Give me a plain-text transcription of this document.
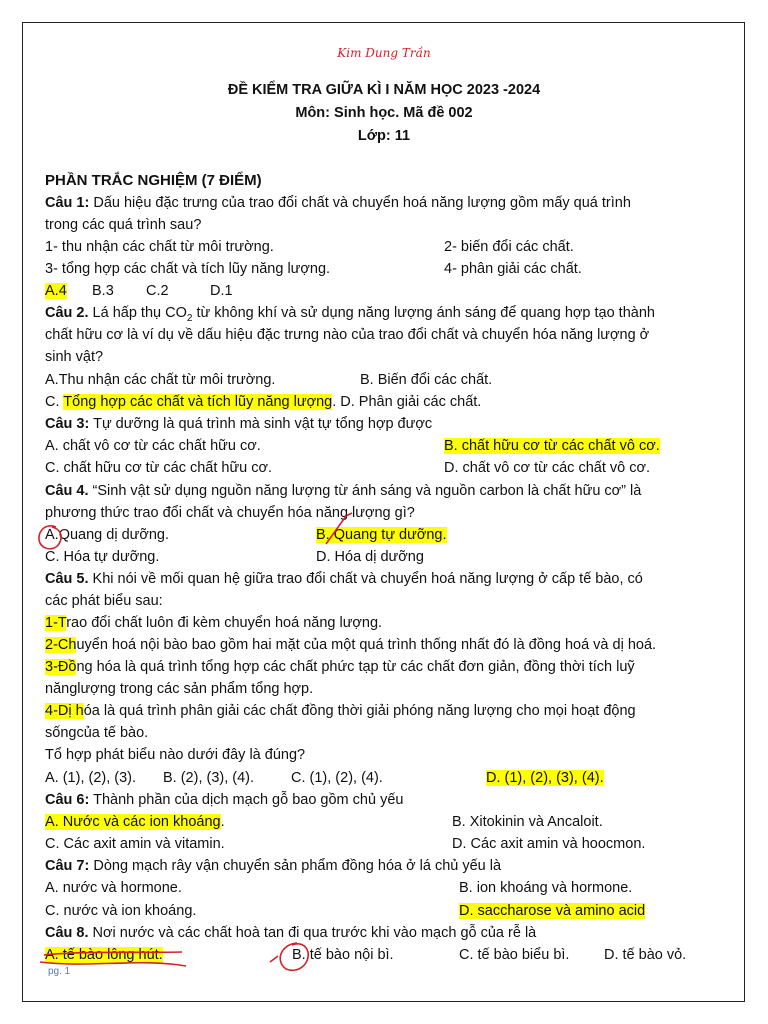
Kim Dung Trần
ĐỀ KIỂM TRA GIỮA KÌ I NĂM HỌC 2023 -2024
Môn: Sinh học. Mã đề 002
Lớp: 11
PHẦN TRẮC NGHIỆM (7 ĐIỂM)
Câu 1: Dấu hiệu đặc trưng của trao đổi chất và chuyển hoá năng lượng gồm mấy quá trình
trong các quá trình sau?
1- thu nhận các chất từ môi trường.	2- biến đổi các chất.
3- tổng hợp các chất và tích lũy năng lượng.	4- phân giải các chất.
A.4 B.3 C.2	D.1
Câu 2. Lá hấp thụ $CO_2$ từ không khí và sử dụng năng lượng ánh sáng để quang hợp tạo thành
chất hữu cơ là ví dụ về dấu hiệu đặc trưng nào của trao đổi chất và chuyển hóa năng lượng ở
sinh vật?
A.Thu nhận các chất từ môi trường.	B. Biến đổi các chất.
C. Tổng hợp các chất và tích lũy năng lượng. D. Phân giải các chất.
Câu 3: Tự dưỡng là quá trình mà sinh vật tự tổng hợp được
A. chất vô cơ từ các chất hữu cơ.	B. chất hữu cơ từ các chất vô cơ.
C. chất hữu cơ từ các chất hữu cơ.	D. chất vô cơ từ các chất vô cơ.
Câu 4. “Sinh vật sử dụng nguồn năng lượng từ ánh sáng và nguồn carbon là chất hữu cơ” là
phương thức trao đổi chất và chuyển hóa năng lượng gì?
A.Quang dị dưỡng.	B. Quang tự dưỡng.
C. Hóa tự dưỡng.	D. Hóa dị dưỡng
Câu 5. Khi nói về mối quan hệ giữa trao đổi chất và chuyển hoá năng lượng ở cấp tế bào, có
các phát biểu sau:
1-Trao đổi chất luôn đi kèm chuyển hoá năng lượng.
2-Chuyển hoá nội bào bao gồm hai mặt của một quá trình thống nhất đó là đồng hoá và dị hoá.
3-Đồng hóa là quá trình tổng hợp các chất phức tạp từ các chất đơn giản, đồng thời tích luỹ
nănglượng trong các sản phẩm tổng hợp.
4-Dị hóa là quá trình phân giải các chất đồng thời giải phóng năng lượng cho mọi hoạt động
sốngcủa tế bào.
Tổ hợp phát biểu nào dưới đây là đúng?
A. (1), (2), (3). B. (2), (3), (4).	C. (1), (2), (4).	D. (1), (2), (3), (4).
Câu 6: Thành phần của dịch mạch gỗ bao gồm chủ yếu
A. Nước và các ion khoáng.	B. Xitokinin và Ancaloit.
C. Các axit amin và vitamin.	D. Các axit amin và hoocmon.
Câu 7: Dòng mạch rây vận chuyển sản phẩm đồng hóa ở lá chủ yếu là
A. nước và hormone.	B. ion khoáng và hormone.
C. nước và ion khoáng.	D. saccharose và amino acid
Câu 8. Nơi nước và các chất hoà tan đi qua trước khi vào mạch gỗ của rễ là
A. tế bào lông hút.	B. tế bào nội bì.	C. tế bào biểu bì. D. tế bào vỏ.
pg. 1
